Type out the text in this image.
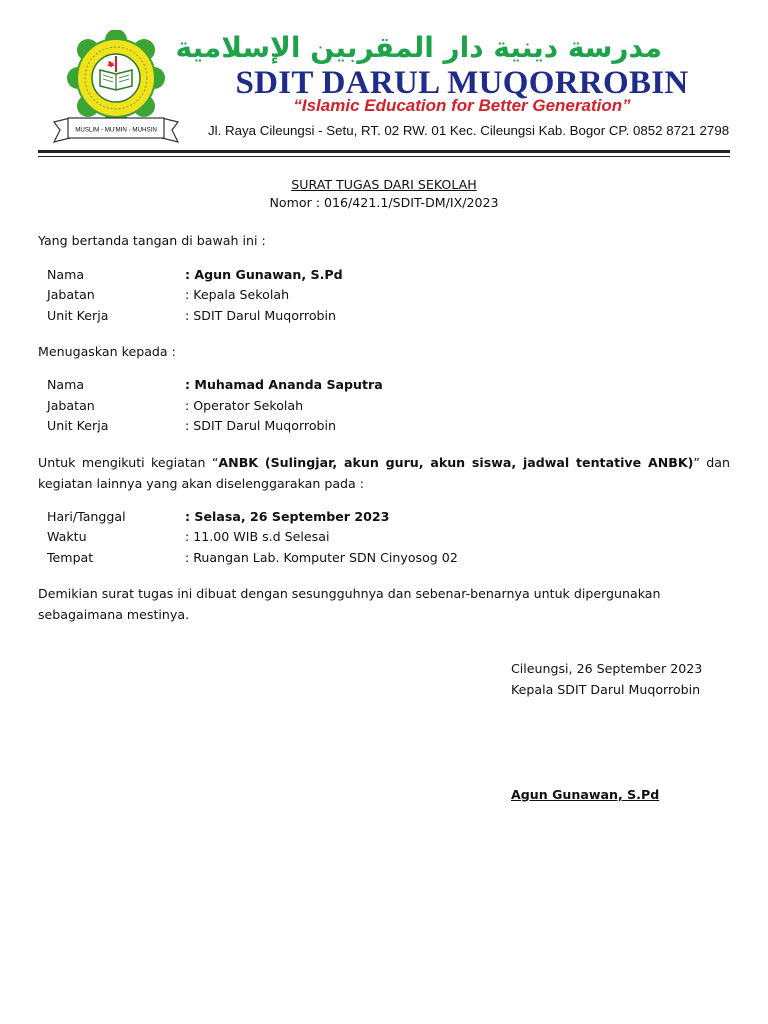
MUSLIM - MU'MIN - MUHSIN
مدرسة دينية دار المقربين الإسلامية
SDIT DARUL MUQORROBIN
“Islamic Education for Better Generation”
Jl. Raya Cileungsi - Setu, RT. 02 RW. 01 Kec. Cileungsi Kab. Bogor CP. 0852 8721 2798
SURAT TUGAS DARI SEKOLAH
Nomor : 016/421.1/SDIT-DM/IX/2023
Yang bertanda tangan di bawah ini :
Nama	: Agun Gunawan, S.Pd
Jabatan	: Kepala Sekolah
Unit Kerja	: SDIT Darul Muqorrobin
Menugaskan kepada :
Nama	: Muhamad Ananda Saputra
Jabatan	: Operator Sekolah
Unit Kerja	: SDIT Darul Muqorrobin
Untuk mengikuti kegiatan “ANBK (Sulingjar, akun guru, akun siswa, jadwal tentative ANBK)” dan kegiatan lainnya yang akan diselenggarakan pada :
Hari/Tanggal	: Selasa, 26 September 2023
Waktu	: 11.00 WIB s.d Selesai
Tempat	: Ruangan Lab. Komputer SDN Cinyosog 02
Demikian surat tugas ini dibuat dengan sesungguhnya dan sebenar-benarnya untuk dipergunakan sebagaimana mestinya.
Cileungsi, 26 September 2023
Kepala SDIT Darul Muqorrobin
Agun Gunawan, S.Pd
